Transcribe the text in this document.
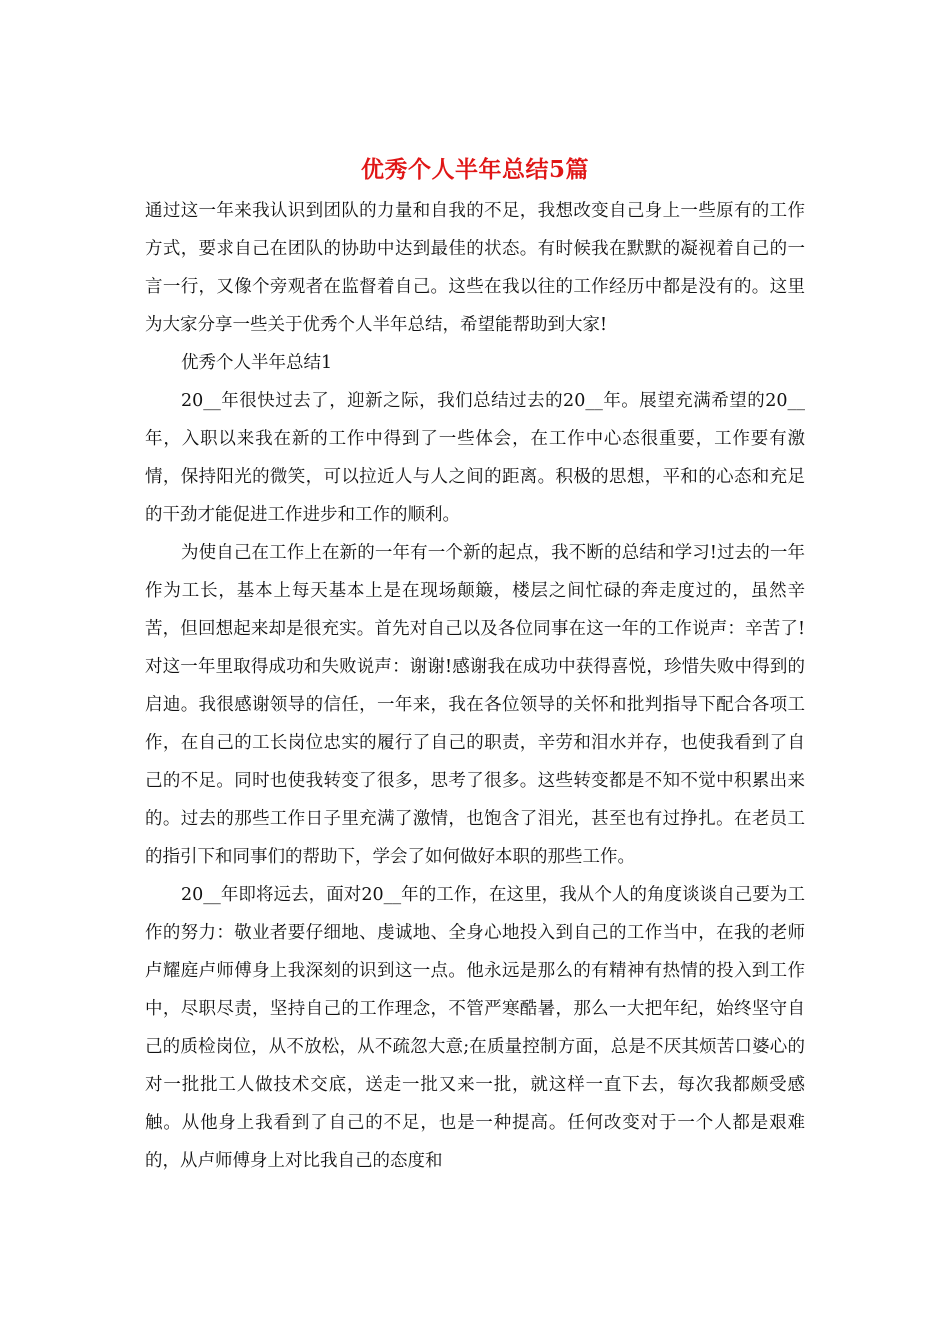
优秀个人半年总结5篇

通过这一年来我认识到团队的力量和自我的不足，我想改变自己身上一些原有的工作方式，要求自己在团队的协助中达到最佳的状态。有时候我在默默的凝视着自己的一言一行，又像个旁观者在监督着自己。这些在我以往的工作经历中都是没有的。这里为大家分享一些关于优秀个人半年总结，希望能帮助到大家!

优秀个人半年总结1

20__年很快过去了，迎新之际，我们总结过去的20__年。展望充满希望的20__年，入职以来我在新的工作中得到了一些体会，在工作中心态很重要，工作要有激情，保持阳光的微笑，可以拉近人与人之间的距离。积极的思想，平和的心态和充足的干劲才能促进工作进步和工作的顺利。

为使自己在工作上在新的一年有一个新的起点，我不断的总结和学习!过去的一年作为工长，基本上每天基本上是在现场颠簸，楼层之间忙碌的奔走度过的，虽然辛苦，但回想起来却是很充实。首先对自己以及各位同事在这一年的工作说声：辛苦了!对这一年里取得成功和失败说声：谢谢!感谢我在成功中获得喜悦，珍惜失败中得到的启迪。我很感谢领导的信任，一年来，我在各位领导的关怀和批判指导下配合各项工作，在自己的工长岗位忠实的履行了自己的职责，辛劳和泪水并存，也使我看到了自己的不足。同时也使我转变了很多，思考了很多。这些转变都是不知不觉中积累出来的。过去的那些工作日子里充满了激情，也饱含了泪光，甚至也有过挣扎。在老员工的指引下和同事们的帮助下，学会了如何做好本职的那些工作。

20__年即将远去，面对20__年的工作，在这里，我从个人的角度谈谈自己要为工作的努力：敬业者要仔细地、虔诚地、全身心地投入到自己的工作当中，在我的老师卢耀庭卢师傅身上我深刻的识到这一点。他永远是那么的有精神有热情的投入到工作中，尽职尽责，坚持自己的工作理念，不管严寒酷暑，那么一大把年纪，始终坚守自己的质检岗位，从不放松，从不疏忽大意;在质量控制方面，总是不厌其烦苦口婆心的对一批批工人做技术交底，送走一批又来一批，就这样一直下去，每次我都颇受感触。从他身上我看到了自己的不足，也是一种提高。任何改变对于一个人都是艰难的，从卢师傅身上对比我自己的态度和
